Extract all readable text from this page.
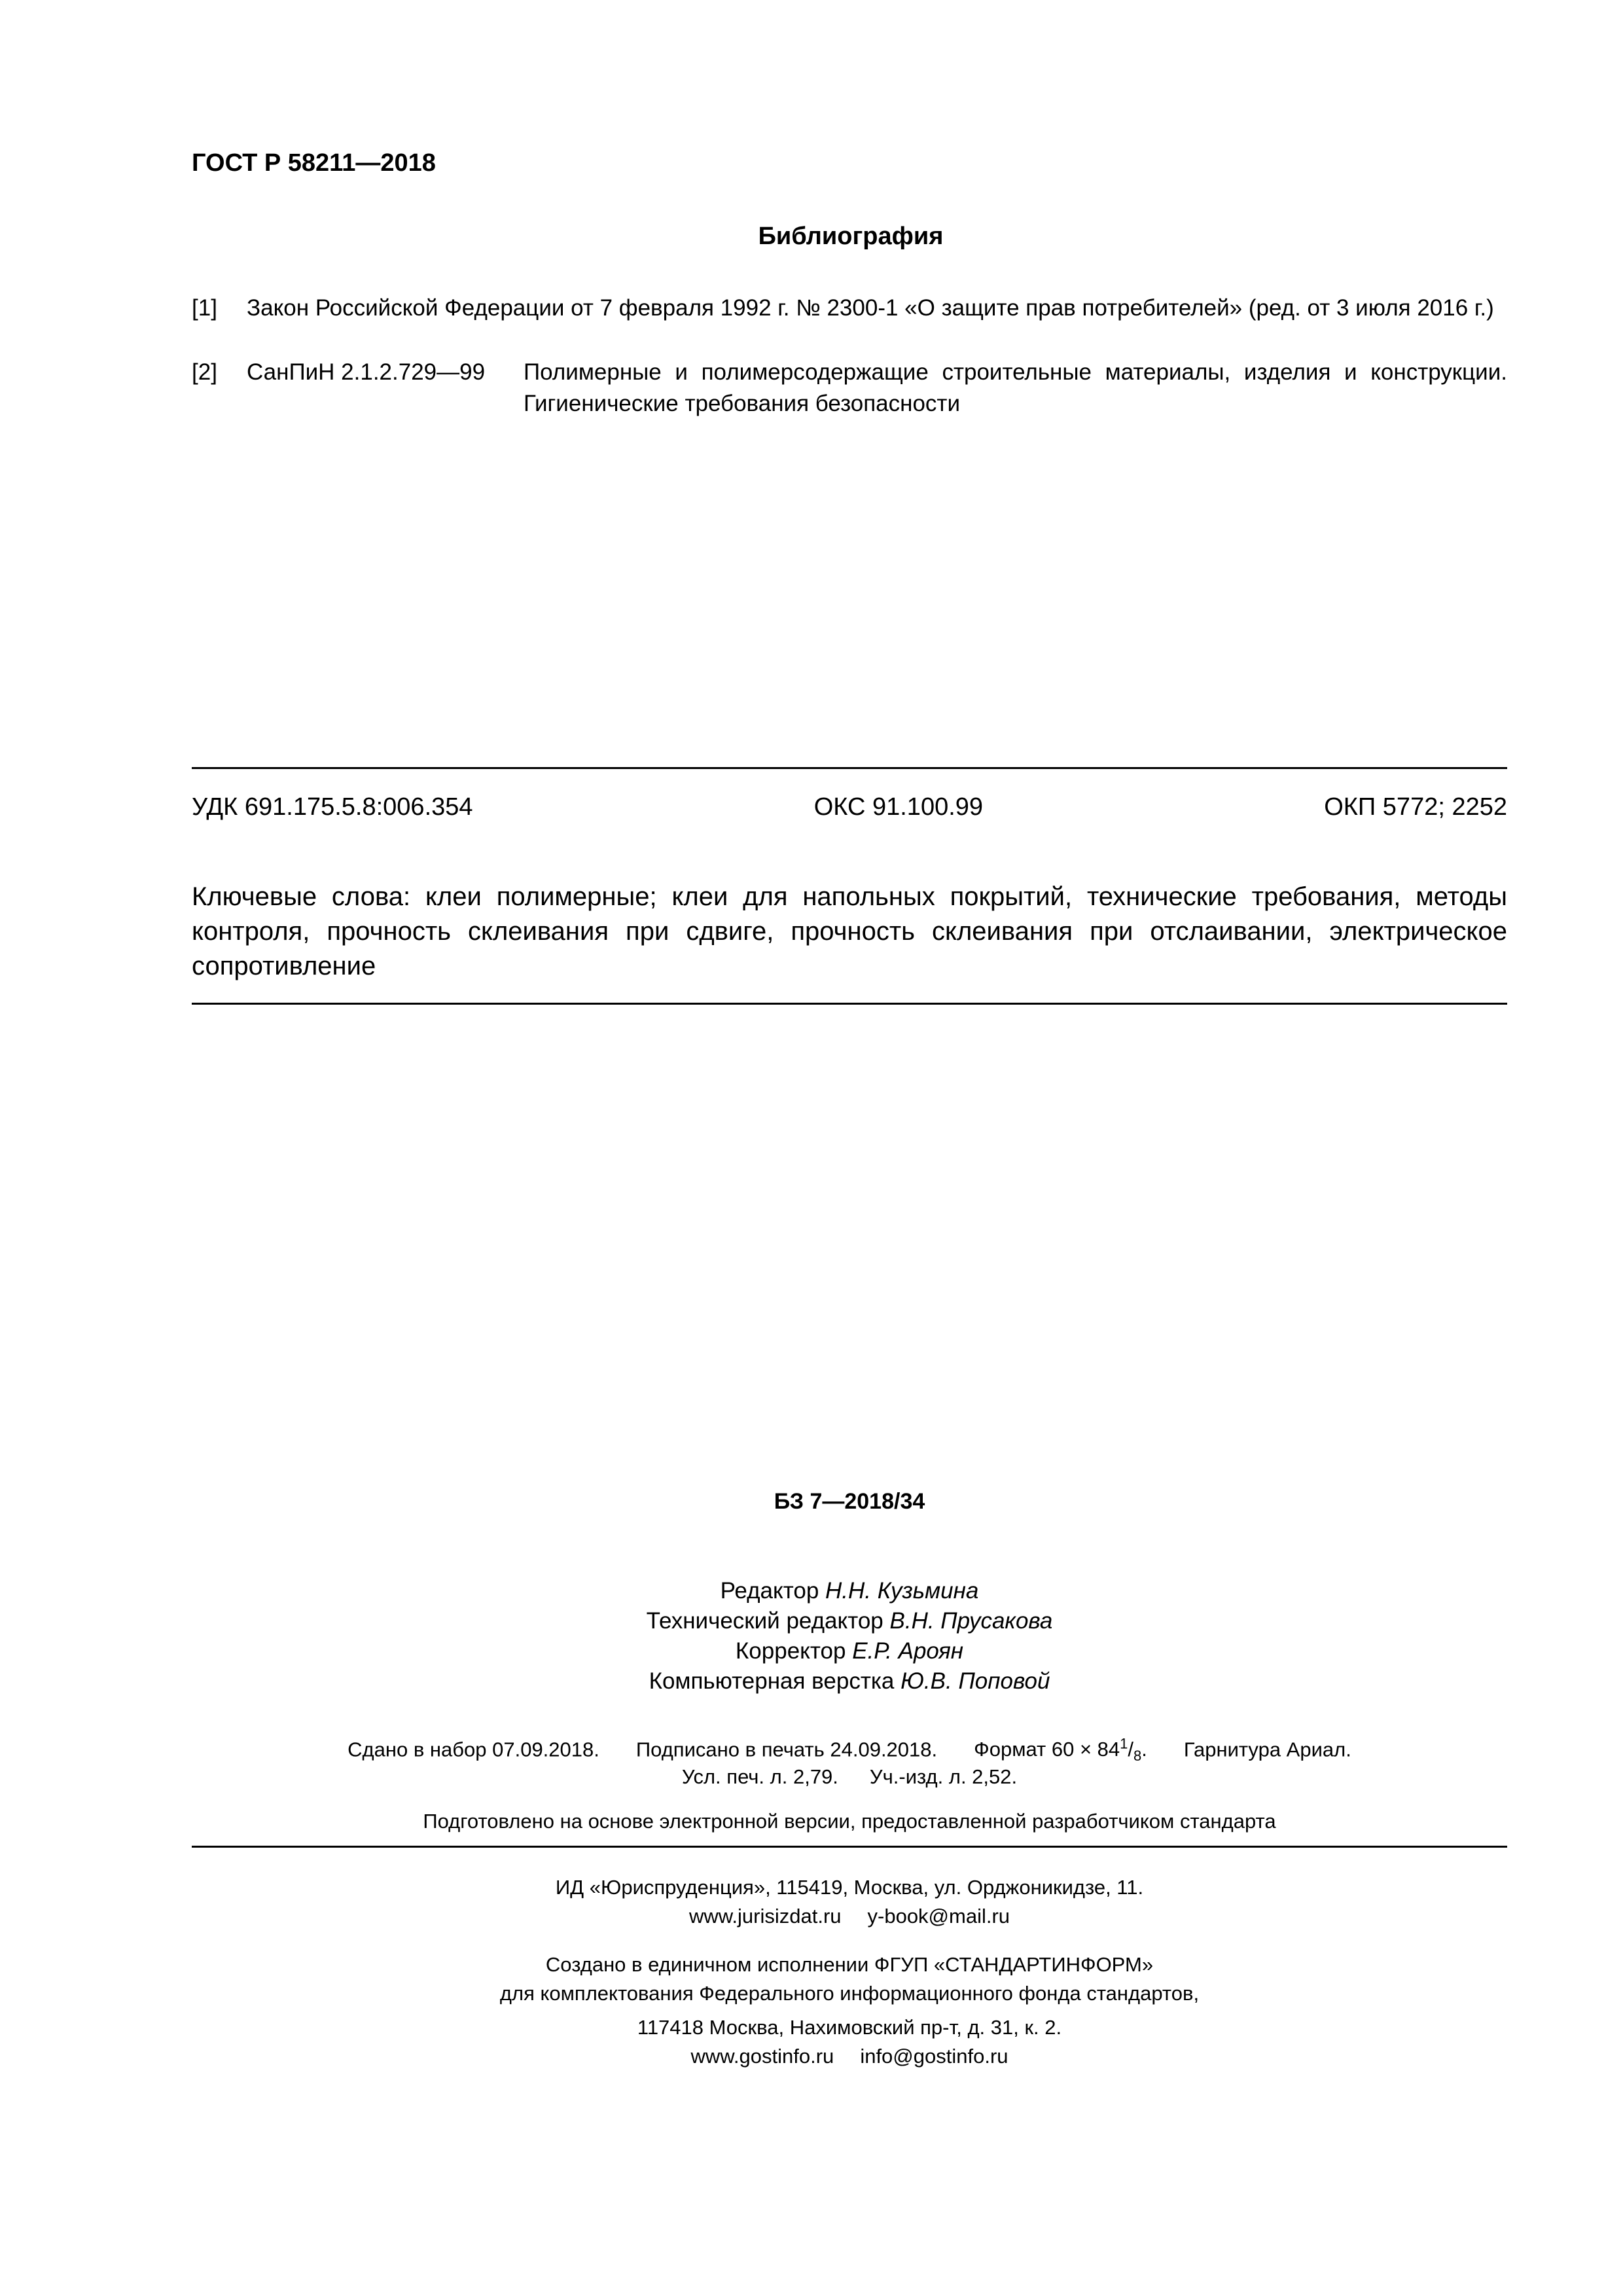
ГОСТ Р 58211—2018
Библиография
[1] Закон Российской Федерации от 7 февраля 1992 г. № 2300-1 «О защите прав потребителей» (ред. от 3 июля 2016 г.)
[2] СанПиН 2.1.2.729—99 Полимерные и полимерсодержащие строительные материалы, изделия и конструкции. Гигиенические требования безопасности
УДК 691.175.5.8:006.354	ОКС 91.100.99	ОКП 5772; 2252
Ключевые слова: клеи полимерные; клеи для напольных покрытий, технические требования, методы контроля, прочность склеивания при сдвиге, прочность склеивания при отслаивании, электрическое сопротивление
БЗ 7—2018/34
Редактор Н.Н. Кузьмина
Технический редактор В.Н. Прусакова
Корректор Е.Р. Ароян
Компьютерная верстка Ю.В. Поповой
Сдано в набор 07.09.2018. Подписано в печать 24.09.2018. Формат $60 \times 84^1/_8$. Гарнитура Ариал.
Усл. печ. л. 2,79. Уч.-изд. л. 2,52.
Подготовлено на основе электронной версии, предоставленной разработчиком стандарта
ИД «Юриспруденция», 115419, Москва, ул. Орджоникидзе, 11.
www.jurisizdat.ru y-book@mail.ru
Создано в единичном исполнении ФГУП «СТАНДАРТИНФОРМ»
для комплектования Федерального информационного фонда стандартов,
117418 Москва, Нахимовский пр-т, д. 31, к. 2.
www.gostinfo.ru info@gostinfo.ru
